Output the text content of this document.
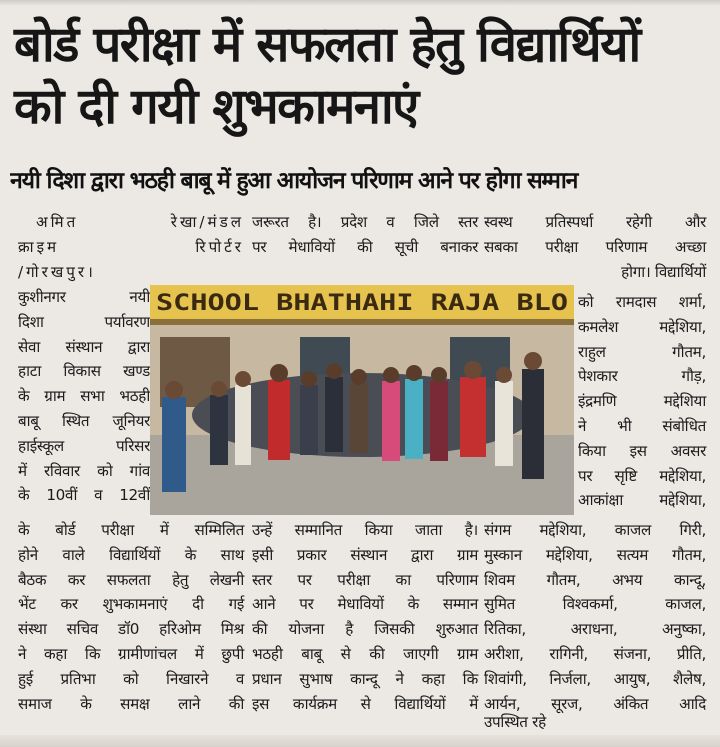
बोर्ड परीक्षा में सफलता हेतु विद्यार्थियों
को दी गयी शुभकामनाएं
नयी दिशा द्वारा भठही बाबू में हुआ आयोजन परिणाम आने पर होगा सम्मान

अमित रेखा/मंडल

क्राइम	रिपोर्टर

/गोरखपुर।

कुशीनगर नयी

दिशा पर्यावरण

सेवा संस्थान द्वारा

हाटा विकास खण्ड

के ग्राम सभा भठही

बाबू स्थित जूनियर

हाईस्कूल परिसर

में रविवार को गांव

के 10वीं व 12वीं

जरूरत है। प्रदेश व जिले स्तर

पर मेधावियों की सूची बनाकर

स्वस्थ प्रतिस्पर्धा रहेगी और

सबका परीक्षा परिणाम अच्छा

होगा। विद्यार्थियों

को रामदास शर्मा,

कमलेश मद्देशिया,

राहुल गौतम,

पेशकार गौड़,

इंद्रमणि मद्देशिया

ने भी संबोधित

किया इस अवसर

पर सृष्टि मद्देशिया,

आकांक्षा मद्देशिया,

SCHOOL BHATHAHI RAJA BLO

के बोर्ड परीक्षा में सम्मिलित

होने वाले विद्यार्थियों के साथ

बैठक कर सफलता हेतु लेखनी

भेंट कर शुभकामनाएं दी गई

संस्था सचिव डॉ0 हरिओम मिश्र

ने कहा कि ग्रामीणांचल में छुपी

हुई प्रतिभा को निखारने व

समाज के समक्ष लाने की

उन्हें सम्मानित किया जाता है।

इसी प्रकार संस्थान द्वारा ग्राम

स्तर पर परीक्षा का परिणाम

आने पर मेधावियों के सम्मान

की योजना है जिसकी शुरुआत

भठही बाबू से की जाएगी ग्राम

प्रधान सुभाष कान्दू ने कहा कि

इस कार्यक्रम से विद्यार्थियों में

संगम मद्देशिया, काजल गिरी,

मुस्कान मद्देशिया, सत्यम गौतम,

शिवम गौतम, अभय कान्दू,

सुमित विश्वकर्मा, काजल,

रितिका, अराधना, अनुष्का,

अरीशा, रागिनी, संजना, प्रीति,

शिवांगी, निर्जला, आयुष, शैलेष,

आर्यन, सूरज, अंकित आदि

उपस्थित रहे
